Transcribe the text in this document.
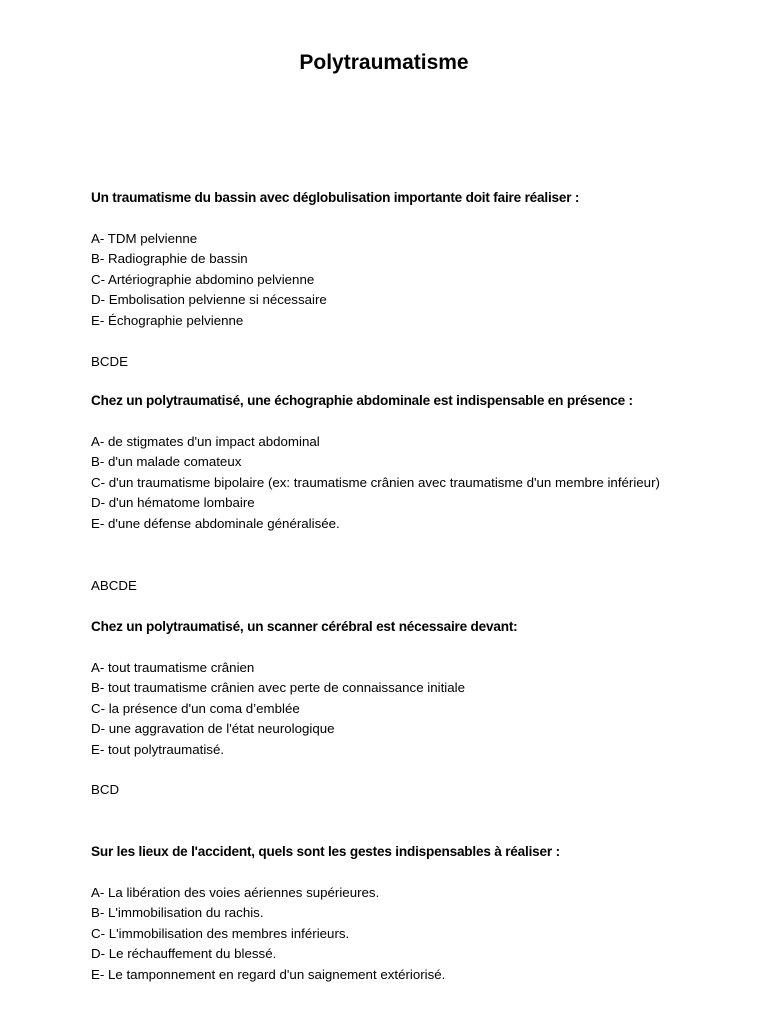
Polytraumatisme
Un traumatisme du bassin avec déglobulisation importante doit faire réaliser :
A- TDM pelvienne
B- Radiographie de bassin
C- Artériographie abdomino pelvienne
D- Embolisation pelvienne si nécessaire
E- Échographie pelvienne
BCDE
Chez un polytraumatisé, une échographie abdominale est indispensable en présence :
A- de stigmates d'un impact abdominal
B- d'un malade comateux
C- d'un traumatisme bipolaire (ex: traumatisme crânien avec traumatisme d'un membre inférieur)
D- d'un hématome lombaire
E- d'une défense abdominale généralisée.
ABCDE
Chez un polytraumatisé, un scanner cérébral est nécessaire devant:
A- tout traumatisme crânien
B- tout traumatisme crânien avec perte de connaissance initiale
C- la présence d'un coma d’emblée
D- une aggravation de l'état neurologique
E- tout polytraumatisé.
BCD
Sur les lieux de l'accident, quels sont les gestes indispensables à réaliser :
A- La libération des voies aériennes supérieures.
B- L'immobilisation du rachis.
C- L'immobilisation des membres inférieurs.
D- Le réchauffement du blessé.
E- Le tamponnement en regard d'un saignement extériorisé.
